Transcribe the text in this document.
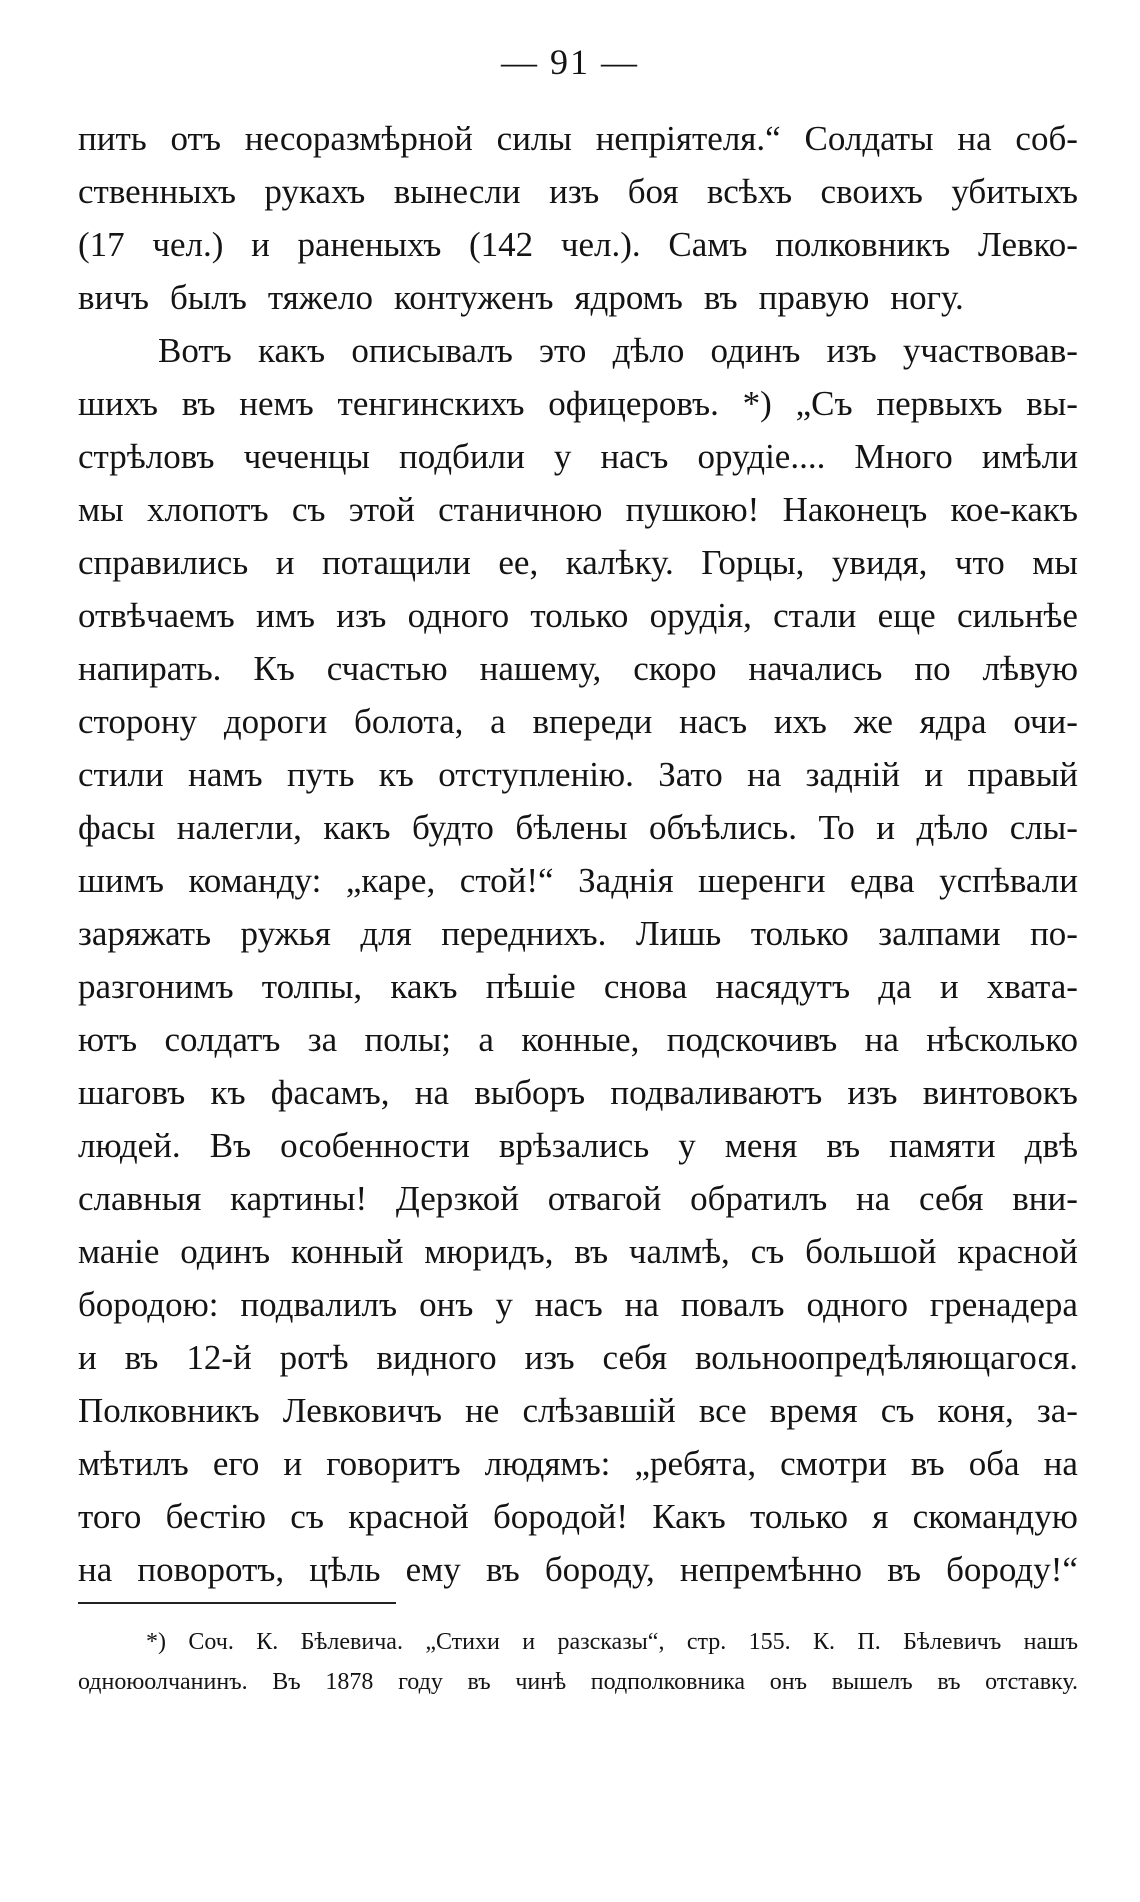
— 91 —
пить отъ несоразмѣрной силы непріятеля.“ Солдаты на соб-
ственныхъ рукахъ вынесли изъ боя всѣхъ своихъ убитыхъ
(17 чел.) и раненыхъ (142 чел.). Самъ полковникъ Левко-
вичъ былъ тяжело контуженъ ядромъ въ правую ногу.
Вотъ какъ описывалъ это дѣло одинъ изъ участвовав-
шихъ въ немъ тенгинскихъ офицеровъ. *) „Съ первыхъ вы-
стрѣловъ чеченцы подбили у насъ орудіе.... Много имѣли
мы хлопотъ съ этой станичною пушкою! Наконецъ кое-какъ
справились и потащили ее, калѣку. Горцы, увидя, что мы
отвѣчаемъ имъ изъ одного только орудія, стали еще сильнѣе
напирать. Къ счастью нашему, скоро начались по лѣвую
сторону дороги болота, а впереди насъ ихъ же ядра очи-
стили намъ путь къ отступленію. Зато на заднiй и правый
фасы налегли, какъ будто бѣлены объѣлись. То и дѣло слы-
шимъ команду: „каре, стой!“ Заднія шеренги едва успѣвали
заряжать ружья для переднихъ. Лишь только залпами по-
разгонимъ толпы, какъ пѣшіе снова насядутъ да и хвата-
ютъ солдатъ за полы; а конные, подскочивъ на нѣсколько
шаговъ къ фасамъ, на выборъ подваливаютъ изъ винтовокъ
людей. Въ особенности врѣзались у меня въ памяти двѣ
славныя картины! Дерзкой отвагой обратилъ на себя вни-
маніе одинъ конный мюридъ, въ чалмѣ, съ большой красной
бородою: подвалилъ онъ у насъ на повалъ одного гренадера
и въ 12-й ротѣ видного изъ себя вольноопредѣляющагося.
Полковникъ Левковичъ не слѣзавшій все время съ коня, за-
мѣтилъ его и говоритъ людямъ: „ребята, смотри въ оба на
того бестію съ красной бородой! Какъ только я скомандую
на поворотъ, цѣль ему въ бороду, непремѣнно въ бороду!“
*) Соч. К. Бѣлевича. „Стихи и разсказы“, стр. 155. К. П. Бѣлевичъ нашъ
одноюолчанинъ. Въ 1878 году въ чинѣ подполковника онъ вышелъ въ отставку.
